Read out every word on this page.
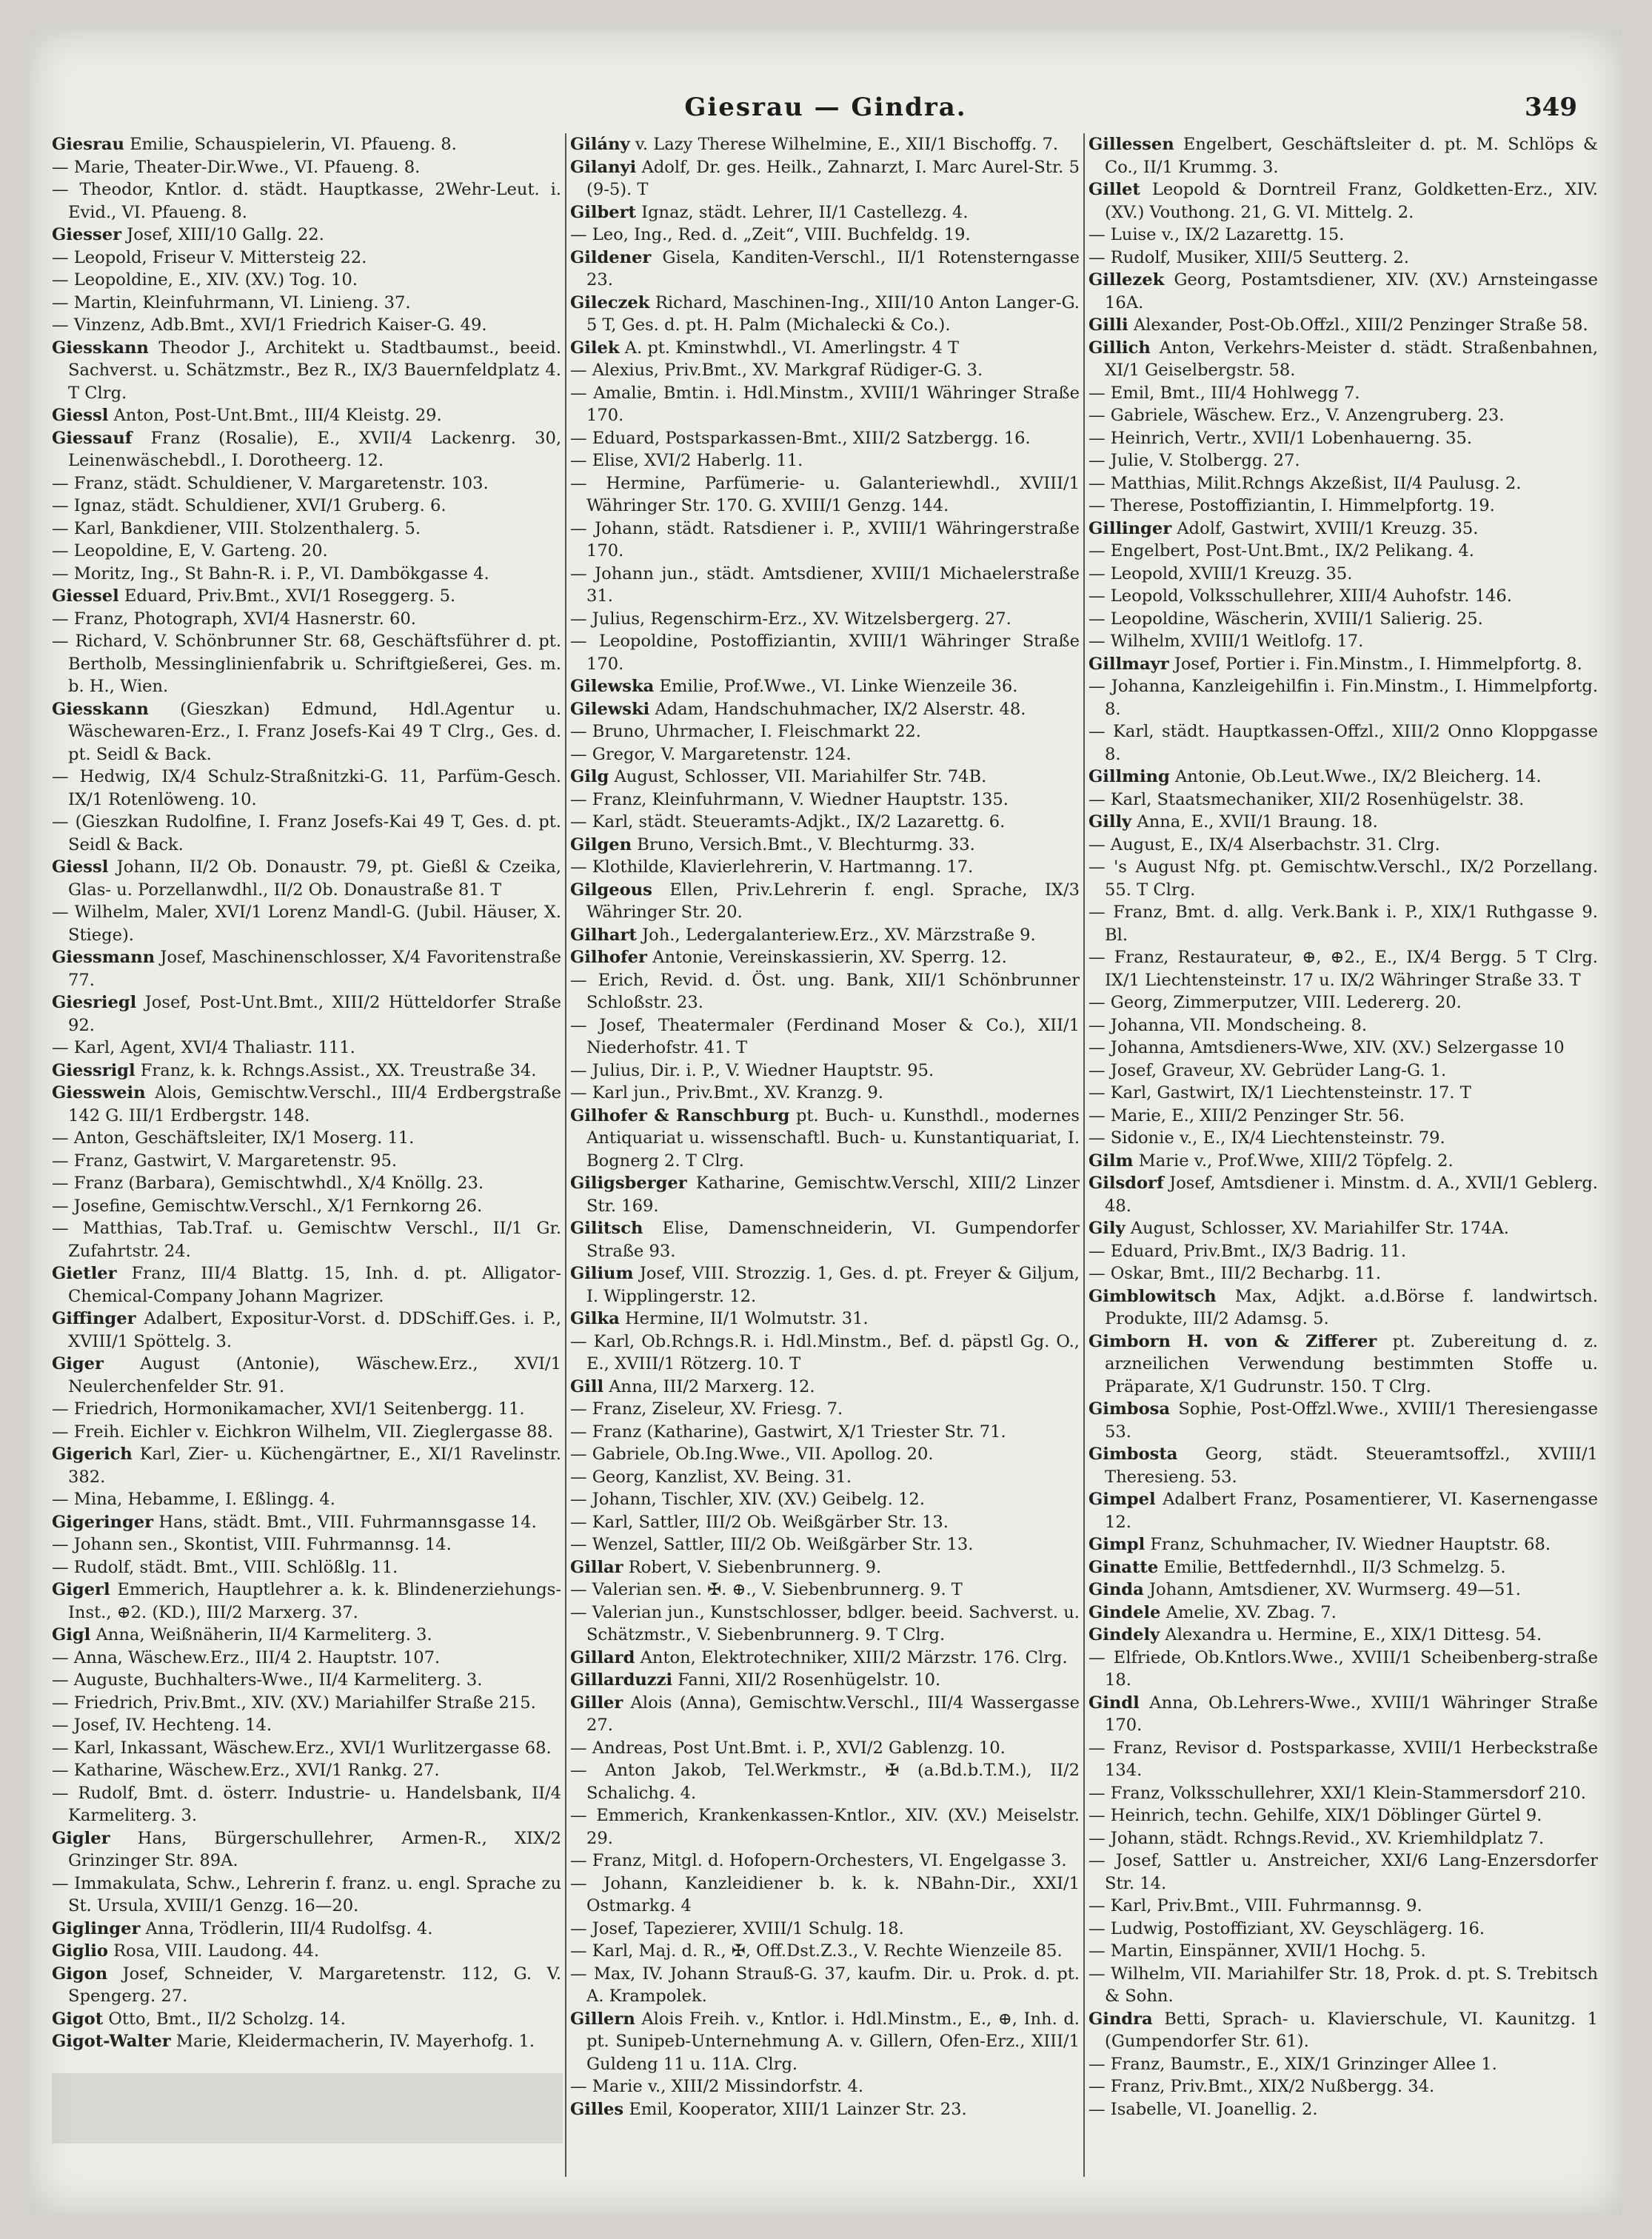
Giesrau — Gindra.	349

Giesrau Emilie, Schauspielerin, VI. Pfaueng. 8.

— Marie, Theater-Dir.Wwe., VI. Pfaueng. 8.

— Theodor, Kntlor. d. städt. Hauptkasse, 2Wehr-Leut. i. Evid., VI. Pfaueng. 8.

Giesser Josef, XIII/10 Gallg. 22.

— Leopold, Friseur V. Mittersteig 22.

— Leopoldine, E., XIV. (XV.) Tog. 10.

— Martin, Kleinfuhrmann, VI. Linieng. 37.

— Vinzenz, Adb.Bmt., XVI/1 Friedrich Kaiser-G. 49.

Giesskann Theodor J., Architekt u. Stadtbaumst., beeid. Sachverst. u. Schätzmstr., Bez R., IX/3 Bauernfeldplatz 4. T Clrg.

Giessl Anton, Post-Unt.Bmt., III/4 Kleistg. 29.

Giessauf Franz (Rosalie), E., XVII/4 Lackenrg. 30, Leinenwäschebdl., I. Dorotheerg. 12.

— Franz, städt. Schuldiener, V. Margaretenstr. 103.

— Ignaz, städt. Schuldiener, XVI/1 Gruberg. 6.

— Karl, Bankdiener, VIII. Stolzenthalerg. 5.

— Leopoldine, E, V. Garteng. 20.

— Moritz, Ing., St Bahn-R. i. P., VI. Dambökgasse 4.

Giessel Eduard, Priv.Bmt., XVI/1 Roseggerg. 5.

— Franz, Photograph, XVI/4 Hasnerstr. 60.

— Richard, V. Schönbrunner Str. 68, Geschäftsführer d. pt. Bertholb, Messinglinienfabrik u. Schriftgießerei, Ges. m. b. H., Wien.

Giesskann (Gieszkan) Edmund, Hdl.Agentur u. Wäschewaren-Erz., I. Franz Josefs-Kai 49 T Clrg., Ges. d. pt. Seidl & Back.

— Hedwig, IX/4 Schulz-Straßnitzki-G. 11, Parfüm-Gesch. IX/1 Rotenlöweng. 10.

— (Gieszkan Rudolfine, I. Franz Josefs-Kai 49 T, Ges. d. pt. Seidl & Back.

Giessl Johann, II/2 Ob. Donaustr. 79, pt. Gießl & Czeika, Glas- u. Porzellanwdhl., II/2 Ob. Donaustraße 81. T

— Wilhelm, Maler, XVI/1 Lorenz Mandl-G. (Jubil. Häuser, X. Stiege).

Giessmann Josef, Maschinenschlosser, X/4 Favoritenstraße 77.

Giesriegl Josef, Post-Unt.Bmt., XIII/2 Hütteldorfer Straße 92.

— Karl, Agent, XVI/4 Thaliastr. 111.

Giessrigl Franz, k. k. Rchngs.Assist., XX. Treustraße 34.

Giesswein Alois, Gemischtw.Verschl., III/4 Erdbergstraße 142 G. III/1 Erdbergstr. 148.

— Anton, Geschäftsleiter, IX/1 Moserg. 11.

— Franz, Gastwirt, V. Margaretenstr. 95.

— Franz (Barbara), Gemischtwhdl., X/4 Knöllg. 23.

— Josefine, Gemischtw.Verschl., X/1 Fernkorng 26.

— Matthias, Tab.Traf. u. Gemischtw Verschl., II/1 Gr. Zufahrtstr. 24.

Gietler Franz, III/4 Blattg. 15, Inh. d. pt. Alligator-Chemical-Company Johann Magrizer.

Giffinger Adalbert, Expositur-Vorst. d. DDSchiff.Ges. i. P., XVIII/1 Spöttelg. 3.

Giger August (Antonie), Wäschew.Erz., XVI/1 Neulerchenfelder Str. 91.

— Friedrich, Hormonikamacher, XVI/1 Seitenbergg. 11.

— Freih. Eichler v. Eichkron Wilhelm, VII. Zieglergasse 88.

Gigerich Karl, Zier- u. Küchengärtner, E., XI/1 Ravelinstr. 382.

— Mina, Hebamme, I. Eßlingg. 4.

Gigeringer Hans, städt. Bmt., VIII. Fuhrmannsgasse 14.

— Johann sen., Skontist, VIII. Fuhrmannsg. 14.

— Rudolf, städt. Bmt., VIII. Schlößlg. 11.

Gigerl Emmerich, Hauptlehrer a. k. k. Blindenerziehungs-Inst., ⊕2. (KD.), III/2 Marxerg. 37.

Gigl Anna, Weißnäherin, II/4 Karmeliterg. 3.

— Anna, Wäschew.Erz., III/4 2. Hauptstr. 107.

— Auguste, Buchhalters-Wwe., II/4 Karmeliterg. 3.

— Friedrich, Priv.Bmt., XIV. (XV.) Mariahilfer Straße 215.

— Josef, IV. Hechteng. 14.

— Karl, Inkassant, Wäschew.Erz., XVI/1 Wurlitzergasse 68.

— Katharine, Wäschew.Erz., XVI/1 Rankg. 27.

— Rudolf, Bmt. d. österr. Industrie- u. Handelsbank, II/4 Karmeliterg. 3.

Gigler Hans, Bürgerschullehrer, Armen-R., XIX/2 Grinzinger Str. 89A.

— Immakulata, Schw., Lehrerin f. franz. u. engl. Sprache zu St. Ursula, XVIII/1 Genzg. 16—20.

Giglinger Anna, Trödlerin, III/4 Rudolfsg. 4.

Giglio Rosa, VIII. Laudong. 44.

Gigon Josef, Schneider, V. Margaretenstr. 112, G. V. Spengerg. 27.

Gigot Otto, Bmt., II/2 Scholzg. 14.

Gigot-Walter Marie, Kleidermacherin, IV. Mayerhofg. 1.

Gilány v. Lazy Therese Wilhelmine, E., XII/1 Bischoffg. 7.

Gilanyi Adolf, Dr. ges. Heilk., Zahnarzt, I. Marc Aurel-Str. 5 (9-5). T

Gilbert Ignaz, städt. Lehrer, II/1 Castellezg. 4.

— Leo, Ing., Red. d. „Zeit“, VIII. Buchfeldg. 19.

Gildener Gisela, Kanditen-Verschl., II/1 Rotensterngasse 23.

Gileczek Richard, Maschinen-Ing., XIII/10 Anton Langer-G. 5 T, Ges. d. pt. H. Palm (Michalecki & Co.).

Gilek A. pt. Kminstwhdl., VI. Amerlingstr. 4 T

— Alexius, Priv.Bmt., XV. Markgraf Rüdiger-G. 3.

— Amalie, Bmtin. i. Hdl.Minstm., XVIII/1 Währinger Straße 170.

— Eduard, Postsparkassen-Bmt., XIII/2 Satzbergg. 16.

— Elise, XVI/2 Haberlg. 11.

— Hermine, Parfümerie- u. Galanteriewhdl., XVIII/1 Währinger Str. 170. G. XVIII/1 Genzg. 144.

— Johann, städt. Ratsdiener i. P., XVIII/1 Währingerstraße 170.

— Johann jun., städt. Amtsdiener, XVIII/1 Michaelerstraße 31.

— Julius, Regenschirm-Erz., XV. Witzelsbergerg. 27.

— Leopoldine, Postoffiziantin, XVIII/1 Währinger Straße 170.

Gilewska Emilie, Prof.Wwe., VI. Linke Wienzeile 36.

Gilewski Adam, Handschuhmacher, IX/2 Alserstr. 48.

— Bruno, Uhrmacher, I. Fleischmarkt 22.

— Gregor, V. Margaretenstr. 124.

Gilg August, Schlosser, VII. Mariahilfer Str. 74B.

— Franz, Kleinfuhrmann, V. Wiedner Hauptstr. 135.

— Karl, städt. Steueramts-Adjkt., IX/2 Lazarettg. 6.

Gilgen Bruno, Versich.Bmt., V. Blechturmg. 33.

— Klothilde, Klavierlehrerin, V. Hartmanng. 17.

Gilgeous Ellen, Priv.Lehrerin f. engl. Sprache, IX/3 Währinger Str. 20.

Gilhart Joh., Ledergalanteriew.Erz., XV. Märzstraße 9.

Gilhofer Antonie, Vereinskassierin, XV. Sperrg. 12.

— Erich, Revid. d. Öst. ung. Bank, XII/1 Schönbrunner Schloßstr. 23.

— Josef, Theatermaler (Ferdinand Moser & Co.), XII/1 Niederhofstr. 41. T

— Julius, Dir. i. P., V. Wiedner Hauptstr. 95.

— Karl jun., Priv.Bmt., XV. Kranzg. 9.

Gilhofer & Ranschburg pt. Buch- u. Kunsthdl., modernes Antiquariat u. wissenschaftl. Buch- u. Kunstantiquariat, I. Bognerg 2. T Clrg.

Giligsberger Katharine, Gemischtw.Verschl, XIII/2 Linzer Str. 169.

Gilitsch Elise, Damenschneiderin, VI. Gumpendorfer Straße 93.

Gilium Josef, VIII. Strozzig. 1, Ges. d. pt. Freyer & Giljum, I. Wipplingerstr. 12.

Gilka Hermine, II/1 Wolmutstr. 31.

— Karl, Ob.Rchngs.R. i. Hdl.Minstm., Bef. d. päpstl Gg. O., E., XVIII/1 Rötzerg. 10. T

Gill Anna, III/2 Marxerg. 12.

— Franz, Ziseleur, XV. Friesg. 7.

— Franz (Katharine), Gastwirt, X/1 Triester Str. 71.

— Gabriele, Ob.Ing.Wwe., VII. Apollog. 20.

— Georg, Kanzlist, XV. Being. 31.

— Johann, Tischler, XIV. (XV.) Geibelg. 12.

— Karl, Sattler, III/2 Ob. Weißgärber Str. 13.

— Wenzel, Sattler, III/2 Ob. Weißgärber Str. 13.

Gillar Robert, V. Siebenbrunnerg. 9.

— Valerian sen. ✠. ⊕., V. Siebenbrunnerg. 9. T

— Valerian jun., Kunstschlosser, bdlger. beeid. Sachverst. u. Schätzmstr., V. Siebenbrunnerg. 9. T Clrg.

Gillard Anton, Elektrotechniker, XIII/2 Märzstr. 176. Clrg.

Gillarduzzi Fanni, XII/2 Rosenhügelstr. 10.

Giller Alois (Anna), Gemischtw.Verschl., III/4 Wassergasse 27.

— Andreas, Post Unt.Bmt. i. P., XVI/2 Gablenzg. 10.

— Anton Jakob, Tel.Werkmstr., ✠ (a.Bd.b.T.M.), II/2 Schalichg. 4.

— Emmerich, Krankenkassen-Kntlor., XIV. (XV.) Meiselstr. 29.

— Franz, Mitgl. d. Hofopern-Orchesters, VI. Engelgasse 3.

— Johann, Kanzleidiener b. k. k. NBahn-Dir., XXI/1 Ostmarkg. 4

— Josef, Tapezierer, XVIII/1 Schulg. 18.

— Karl, Maj. d. R., ✠, Off.Dst.Z.3., V. Rechte Wienzeile 85.

— Max, IV. Johann Strauß-G. 37, kaufm. Dir. u. Prok. d. pt. A. Krampolek.

Gillern Alois Freih. v., Kntlor. i. Hdl.Minstm., E., ⊕, Inh. d. pt. Sunipeb-Unternehmung A. v. Gillern, Ofen-Erz., XIII/1 Guldeng 11 u. 11A. Clrg.

— Marie v., XIII/2 Missindorfstr. 4.

Gilles Emil, Kooperator, XIII/1 Lainzer Str. 23.

Gillessen Engelbert, Geschäftsleiter d. pt. M. Schlöps & Co., II/1 Krummg. 3.

Gillet Leopold & Dorntreil Franz, Goldketten-Erz., XIV. (XV.) Vouthong. 21, G. VI. Mittelg. 2.

— Luise v., IX/2 Lazarettg. 15.

— Rudolf, Musiker, XIII/5 Seutterg. 2.

Gillezek Georg, Postamtsdiener, XIV. (XV.) Arnsteingasse 16A.

Gilli Alexander, Post-Ob.Offzl., XIII/2 Penzinger Straße 58.

Gillich Anton, Verkehrs-Meister d. städt. Straßenbahnen, XI/1 Geiselbergstr. 58.

— Emil, Bmt., III/4 Hohlwegg 7.

— Gabriele, Wäschew. Erz., V. Anzengruberg. 23.

— Heinrich, Vertr., XVII/1 Lobenhauerng. 35.

— Julie, V. Stolbergg. 27.

— Matthias, Milit.Rchngs Akzeßist, II/4 Paulusg. 2.

— Therese, Postoffiziantin, I. Himmelpfortg. 19.

Gillinger Adolf, Gastwirt, XVIII/1 Kreuzg. 35.

— Engelbert, Post-Unt.Bmt., IX/2 Pelikang. 4.

— Leopold, XVIII/1 Kreuzg. 35.

— Leopold, Volksschullehrer, XIII/4 Auhofstr. 146.

— Leopoldine, Wäscherin, XVIII/1 Salierig. 25.

— Wilhelm, XVIII/1 Weitlofg. 17.

Gillmayr Josef, Portier i. Fin.Minstm., I. Himmelpfortg. 8.

— Johanna, Kanzleigehilfin i. Fin.Minstm., I. Himmelpfortg. 8.

— Karl, städt. Hauptkassen-Offzl., XIII/2 Onno Kloppgasse 8.

Gillming Antonie, Ob.Leut.Wwe., IX/2 Bleicherg. 14.

— Karl, Staatsmechaniker, XII/2 Rosenhügelstr. 38.

Gilly Anna, E., XVII/1 Braung. 18.

— August, E., IX/4 Alserbachstr. 31. Clrg.

— 's August Nfg. pt. Gemischtw.Verschl., IX/2 Porzellang. 55. T Clrg.

— Franz, Bmt. d. allg. Verk.Bank i. P., XIX/1 Ruthgasse 9. Bl.

— Franz, Restaurateur, ⊕, ⊕2., E., IX/4 Bergg. 5 T Clrg. IX/1 Liechtensteinstr. 17 u. IX/2 Währinger Straße 33. T

— Georg, Zimmerputzer, VIII. Ledererg. 20.

— Johanna, VII. Mondscheing. 8.

— Johanna, Amtsdieners-Wwe, XIV. (XV.) Selzergasse 10

— Josef, Graveur, XV. Gebrüder Lang-G. 1.

— Karl, Gastwirt, IX/1 Liechtensteinstr. 17. T

— Marie, E., XIII/2 Penzinger Str. 56.

— Sidonie v., E., IX/4 Liechtensteinstr. 79.

Gilm Marie v., Prof.Wwe, XIII/2 Töpfelg. 2.

Gilsdorf Josef, Amtsdiener i. Minstm. d. A., XVII/1 Geblerg. 48.

Gily August, Schlosser, XV. Mariahilfer Str. 174A.

— Eduard, Priv.Bmt., IX/3 Badrig. 11.

— Oskar, Bmt., III/2 Becharbg. 11.

Gimblowitsch Max, Adjkt. a.d.Börse f. landwirtsch. Produkte, III/2 Adamsg. 5.

Gimborn H. von & Zifferer pt. Zubereitung d. z. arzneilichen Verwendung bestimmten Stoffe u. Präparate, X/1 Gudrunstr. 150. T Clrg.

Gimbosa Sophie, Post-Offzl.Wwe., XVIII/1 Theresiengasse 53.

Gimbosta Georg, städt. Steueramtsoffzl., XVIII/1 Theresieng. 53.

Gimpel Adalbert Franz, Posamentierer, VI. Kasernengasse 12.

Gimpl Franz, Schuhmacher, IV. Wiedner Hauptstr. 68.

Ginatte Emilie, Bettfedernhdl., II/3 Schmelzg. 5.

Ginda Johann, Amtsdiener, XV. Wurmserg. 49—51.

Gindele Amelie, XV. Zbag. 7.

Gindely Alexandra u. Hermine, E., XIX/1 Dittesg. 54.

— Elfriede, Ob.Kntlors.Wwe., XVIII/1 Scheibenberg-straße 18.

Gindl Anna, Ob.Lehrers-Wwe., XVIII/1 Währinger Straße 170.

— Franz, Revisor d. Postsparkasse, XVIII/1 Herbeckstraße 134.

— Franz, Volksschullehrer, XXI/1 Klein-Stammersdorf 210.

— Heinrich, techn. Gehilfe, XIX/1 Döblinger Gürtel 9.

— Johann, städt. Rchngs.Revid., XV. Kriemhildplatz 7.

— Josef, Sattler u. Anstreicher, XXI/6 Lang-Enzersdorfer Str. 14.

— Karl, Priv.Bmt., VIII. Fuhrmannsg. 9.

— Ludwig, Postoffiziant, XV. Geyschlägerg. 16.

— Martin, Einspänner, XVII/1 Hochg. 5.

— Wilhelm, VII. Mariahilfer Str. 18, Prok. d. pt. S. Trebitsch & Sohn.

Gindra Betti, Sprach- u. Klavierschule, VI. Kaunitzg. 1 (Gumpendorfer Str. 61).

— Franz, Baumstr., E., XIX/1 Grinzinger Allee 1.

— Franz, Priv.Bmt., XIX/2 Nußbergg. 34.

— Isabelle, VI. Joanellig. 2.
